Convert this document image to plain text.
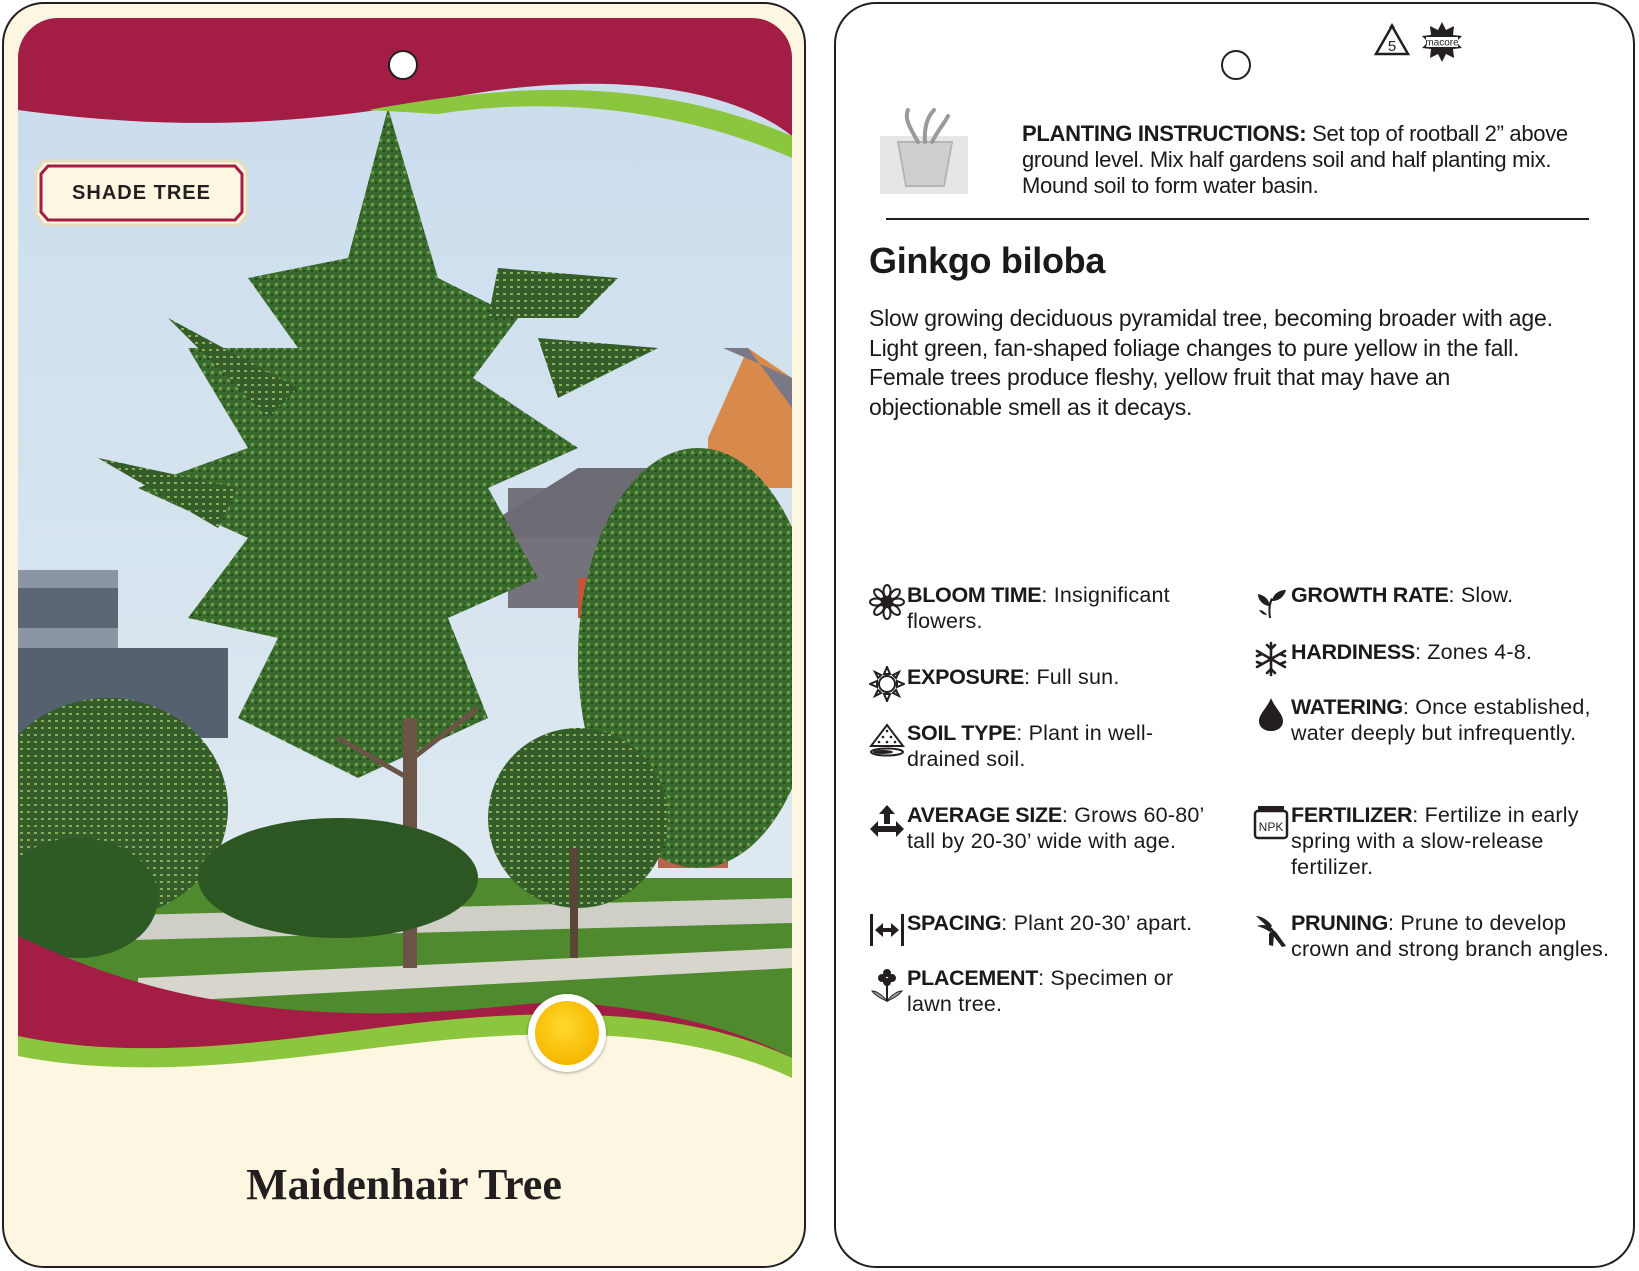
SHADE TREE
Maidenhair Tree
5	macore
PLANTING INSTRUCTIONS: Set top of rootball 2” above ground level. Mix half gardens soil and half planting mix. Mound soil to form water basin.
Ginkgo biloba
Slow growing deciduous pyramidal tree, becoming broader with age. Light green, fan-shaped foliage changes to pure yellow in the fall. Female trees produce fleshy, yellow fruit that may have an objectionable smell as it decays.
BLOOM TIME: Insignificant flowers.
EXPOSURE: Full sun.
SOIL TYPE: Plant in well-drained soil.
AVERAGE SIZE: Grows 60-80’ tall by 20-30’ wide with age.
SPACING: Plant 20-30’ apart.
PLACEMENT: Specimen or lawn tree.
GROWTH RATE: Slow.
HARDINESS: Zones 4-8.
WATERING: Once established, water deeply but infrequently.
NPK FERTILIZER: Fertilize in early spring with a slow-release fertilizer.
PRUNING: Prune to develop crown and strong branch angles.
